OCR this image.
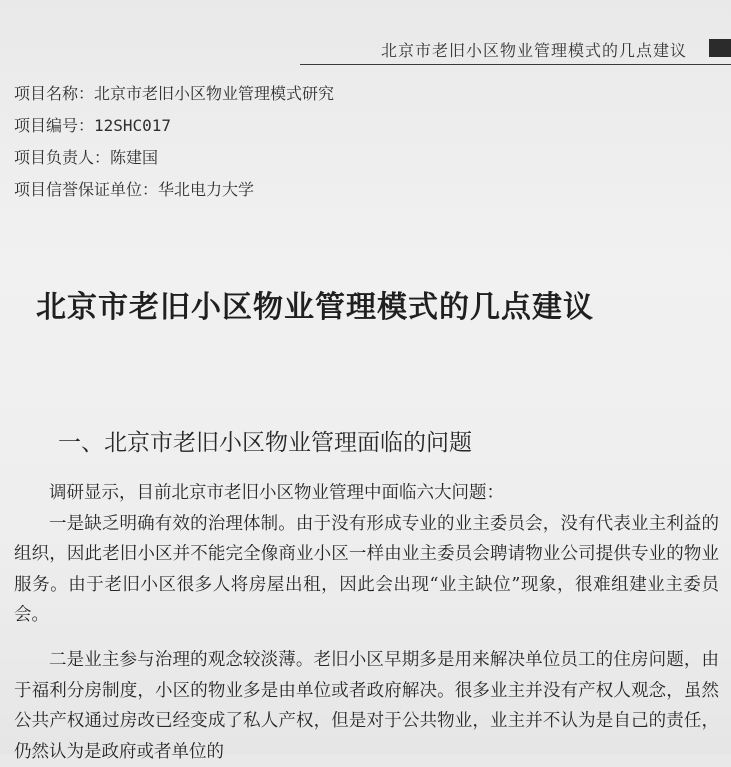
北京市老旧小区物业管理模式的几点建议
项目名称：北京市老旧小区物业管理模式研究
项目编号：12SHC017
项目负责人：陈建国
项目信誉保证单位：华北电力大学
北京市老旧小区物业管理模式的几点建议
一、北京市老旧小区物业管理面临的问题

调研显示，目前北京市老旧小区物业管理中面临六大问题：

一是缺乏明确有效的治理体制。由于没有形成专业的业主委员会，没有代表业主利益的组织，因此老旧小区并不能完全像商业小区一样由业主委员会聘请物业公司提供专业的物业服务。由于老旧小区很多人将房屋出租，因此会出现“业主缺位”现象，很难组建业主委员会。

二是业主参与治理的观念较淡薄。老旧小区早期多是用来解决单位员工的住房问题，由于福利分房制度，小区的物业多是由单位或者政府解决。很多业主并没有产权人观念，虽然公共产权通过房改已经变成了私人产权，但是对于公共物业，业主并不认为是自己的责任，仍然认为是政府或者单位的
